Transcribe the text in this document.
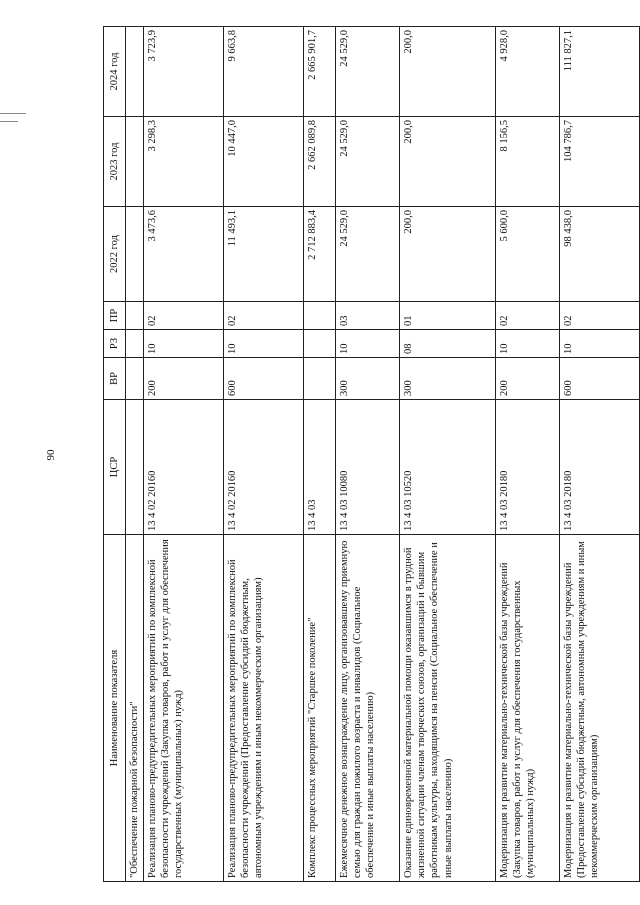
90
Наименование показателя	ЦСР	ВР	РЗ	ПР	2022 год	2023 год	2024 год
"Обеспечение пожарной безопасности"							
Реализация планово-предупредительных мероприятий по комплексной безопасности учреждений (Закупка товаров, работ и услуг для обеспечения государственных (муниципальных) нужд)	13 4 02 20160	200	10	02	3 473,6	3 298,3	3 723,9
Реализация планово-предупредительных мероприятий по комплексной безопасности учреждений (Предоставление субсидий бюджетным, автономным учреждениям и иным некоммерческим организациям)	13 4 02 20160	600	10	02	11 493,1	10 447,0	9 663,8
Комплекс процессных мероприятий "Старшее поколение"	13 4 03				2 712 883,4	2 662 089,8	2 665 901,7
Ежемесячное денежное вознаграждение лицу, организовавшему приемную семью для граждан пожилого возраста и инвалидов (Социальное обеспечение и иные выплаты населению)	13 4 03 10080	300	10	03	24 529,0	24 529,0	24 529,0
Оказание единовременной материальной помощи оказавшимся в трудной жизненной ситуации членам творческих союзов, организаций и бывшим работникам культуры, находящимся на пенсии (Социальное обеспечение и иные выплаты населению)	13 4 03 10520	300	08	01	200,0	200,0	200,0
Модернизация и развитие материально-технической базы учреждений (Закупка товаров, работ и услуг для обеспечения государственных (муниципальных) нужд)	13 4 03 20180	200	10	02	5 600,0	8 156,5	4 928,0
Модернизация и развитие материально-технической базы учреждений (Предоставление субсидий бюджетным, автономным учреждениям и иным некоммерческим организациям)	13 4 03 20180	600	10	02	98 438,0	104 786,7	111 827,1
